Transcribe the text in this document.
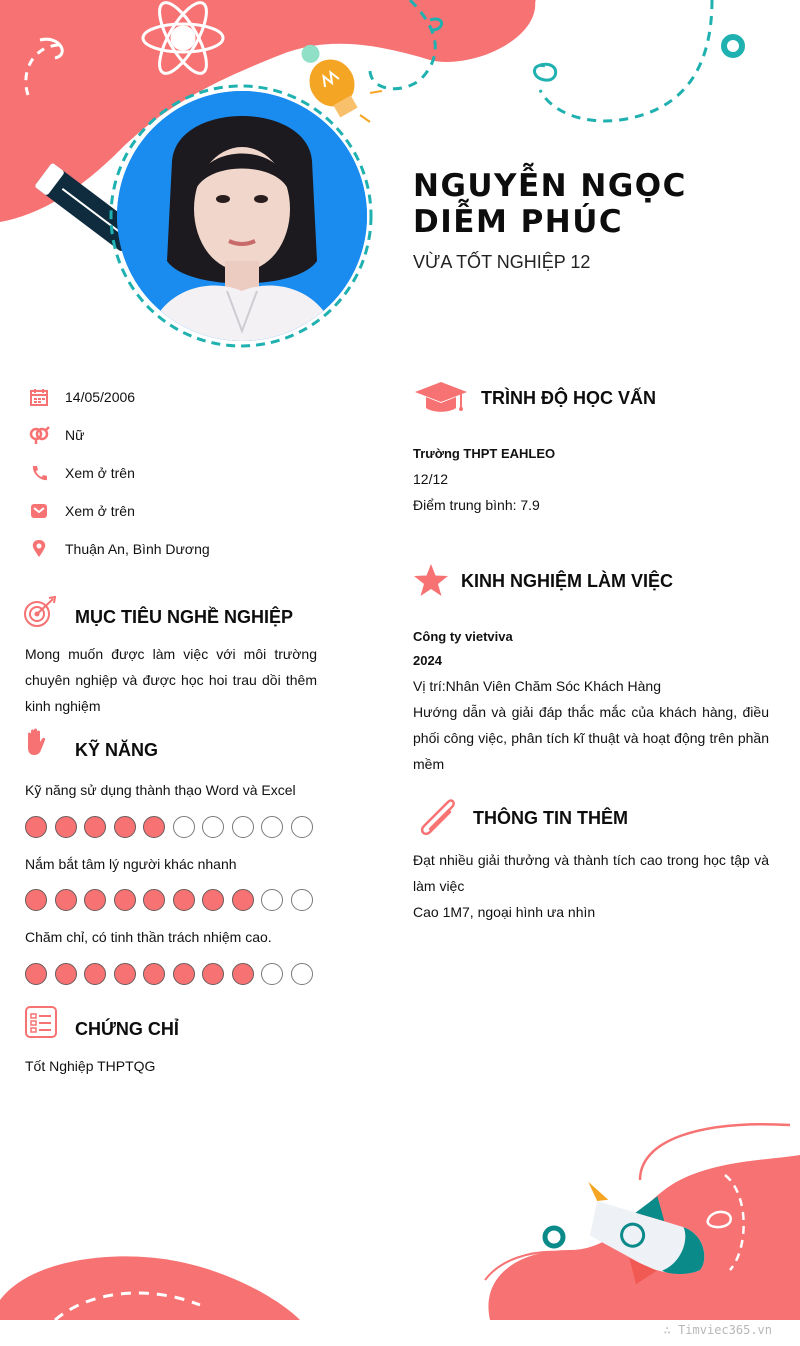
NGUYỄN NGỌC DIỄM PHÚC
VỪA TỐT NGHIỆP 12
14/05/2006
Nữ
Xem ở trên
Xem ở trên
Thuận An, Bình Dương
MỤC TIÊU NGHỀ NGHIỆP
Mong muốn được làm việc với môi trường chuyên nghiệp và được học hoi trau dồi thêm kinh nghiệm
KỸ NĂNG
Kỹ năng sử dụng thành thạo Word và Excel
Nắm bắt tâm lý người khác nhanh
Chăm chỉ, có tinh thần trách nhiệm cao.
CHỨNG CHỈ
Tốt Nghiệp THPTQG
TRÌNH ĐỘ HỌC VẤN
Trường THPT EAHLEO
12/12
Điểm trung bình: 7.9
KINH NGHIỆM LÀM VIỆC
Công ty vietviva
2024
Vị trí:Nhân Viên Chăm Sóc Khách Hàng
Hướng dẫn và giải đáp thắc mắc của khách hàng, điều phối công việc, phân tích kĩ thuật và hoạt động trên phần mềm
THÔNG TIN THÊM
Đạt nhiều giải thưởng và thành tích cao trong học tập và làm việc
Cao 1M7, ngoại hình ưa nhìn
∴ Timviec365.vn
